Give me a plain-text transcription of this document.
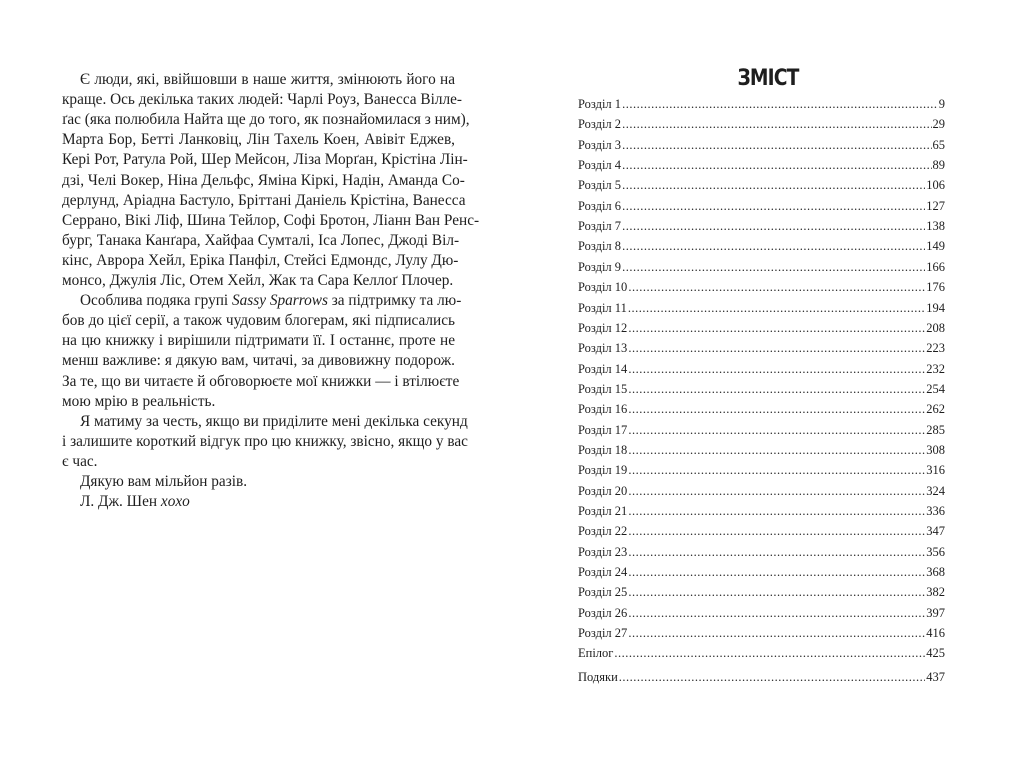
Є люди, які, ввійшовши в наше життя, змінюють його на
краще. Ось декілька таких людей: Чарлі Роуз, Ванесса Вілле-
ґас (яка полюбила Найта ще до того, як познайомилася з ним),
Марта Бор, Бетті Ланковіц, Лін Тахель Коен, Авівіт Еджев,
Кері Рот, Ратула Рой, Шер Мейсон, Ліза Морґан, Крістіна Лін-
дзі, Челі Вокер, Ніна Дельфс, Яміна Кіркі, Надін, Аманда Со-
дерлунд, Аріадна Бастуло, Бріттані Даніель Крістіна, Ванесса
Серрано, Вікі Ліф, Шина Тейлор, Софі Бротон, Ліанн Ван Ренс-
бург, Танака Канґара, Хайфаа Сумталі, Іса Лопес, Джоді Віл-
кінс, Аврора Хейл, Еріка Панфіл, Стейсі Едмондс, Лулу Дю-
монсо, Джулія Ліс, Отем Хейл, Жак та Сара Келлоґ Плочер.
Особлива подяка групі Sassy Sparrows за підтримку та лю-
бов до цієї серії, а також чудовим блогерам, які підписались
на цю книжку і вирішили підтримати її. І останнє, проте не
менш важливе: я дякую вам, читачі, за дивовижну подорож.
За те, що ви читаєте й обговорюєте мої книжки — і втілюєте
мою мрію в реальність.
Я матиму за честь, якщо ви приділите мені декілька секунд
і залишите короткий відгук про цю книжку, звісно, якщо у вас
є час.
Дякую вам мільйон разів.
Л. Дж. Шен xoxo
ЗМІСТ
Розділ 1 .....	9
Розділ 2 .....	29
Розділ 3 .....	65
Розділ 4 .....	89
Розділ 5 .....	106
Розділ 6 .....	127
Розділ 7 .....	138
Розділ 8 .....	149
Розділ 9 .....	166
Розділ 10 .....	176
Розділ 11 .....	194
Розділ 12 .....	208
Розділ 13 .....	223
Розділ 14 .....	232
Розділ 15 .....	254
Розділ 16 .....	262
Розділ 17 .....	285
Розділ 18 .....	308
Розділ 19 .....	316
Розділ 20 .....	324
Розділ 21 .....	336
Розділ 22 .....	347
Розділ 23 .....	356
Розділ 24 .....	368
Розділ 25 .....	382
Розділ 26 .....	397
Розділ 27 .....	416
Епілог .....	425
Подяки .....	437
